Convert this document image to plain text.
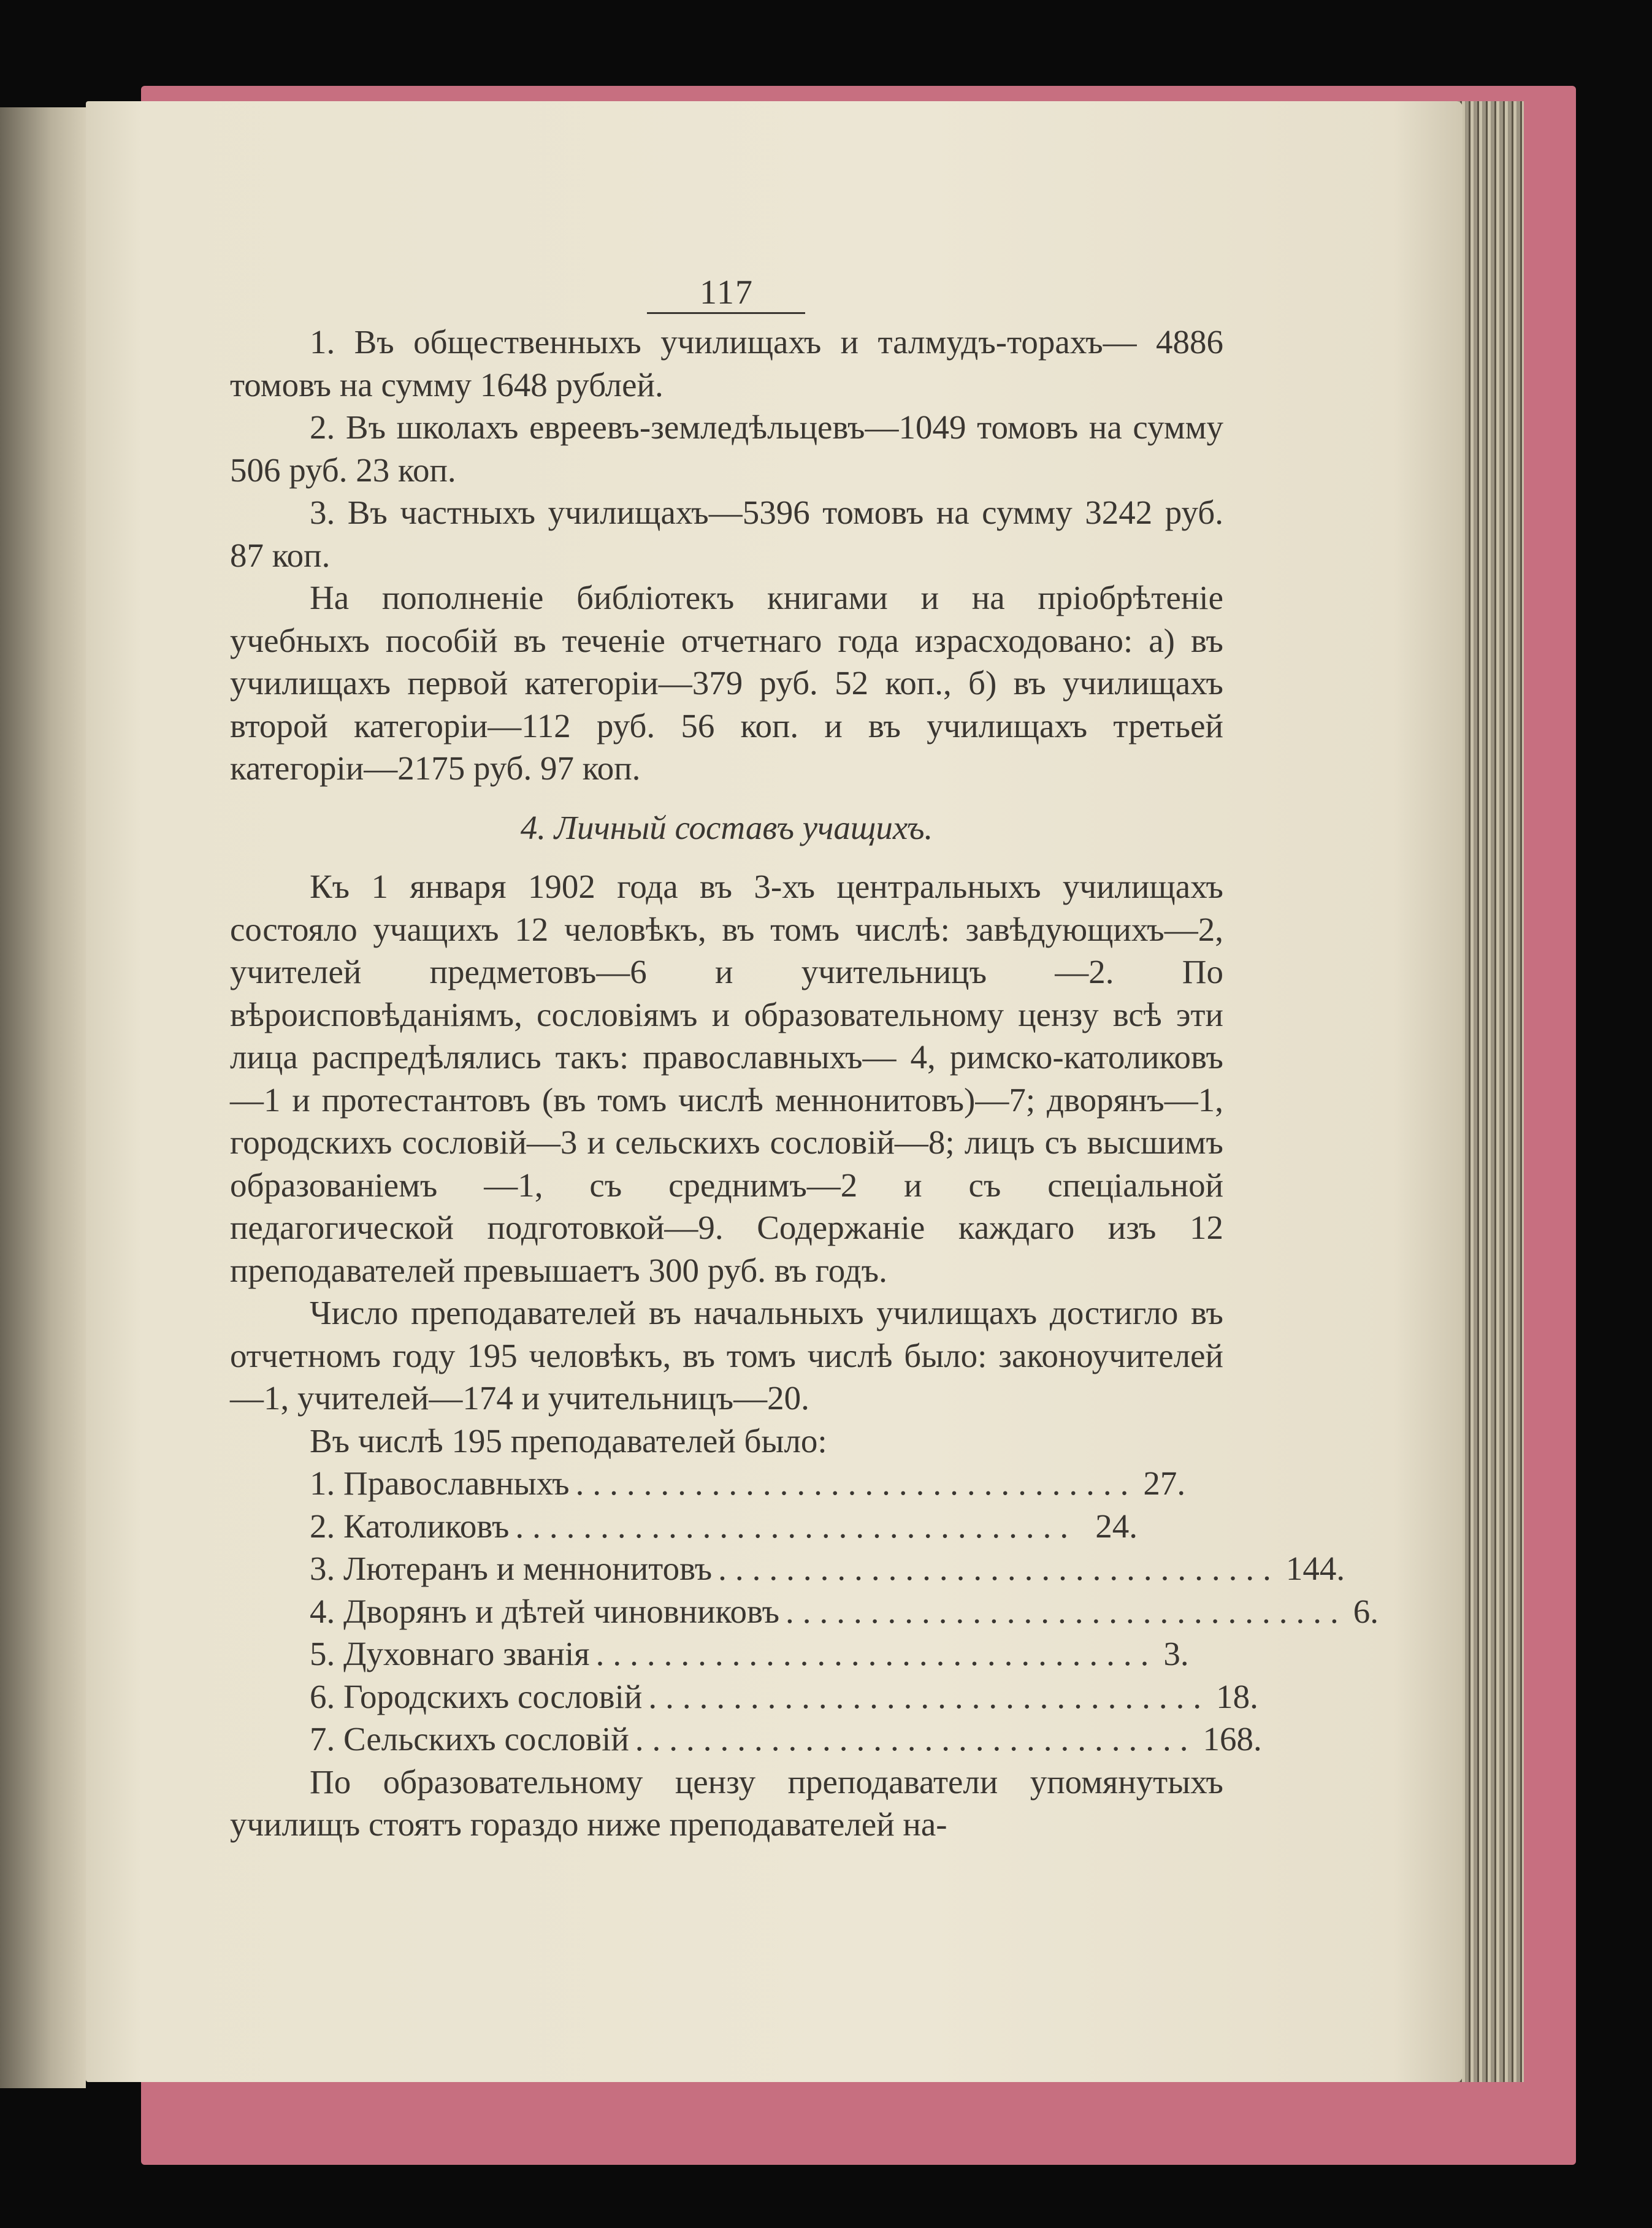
117

1. Въ общественныхъ училищахъ и талмудъ-торахъ— 4886 томовъ на сумму 1648 рублей.

2. Въ школахъ евреевъ-земледѣльцевъ—1049 томовъ на сумму 506 руб. 23 коп.

3. Въ частныхъ училищахъ—5396 томовъ на сумму 3242 руб. 87 коп.

На пополненіе библіотекъ книгами и на пріобрѣтеніе учебныхъ пособій въ теченіе отчетнаго года израсходовано: а) въ училищахъ первой категоріи—379 руб. 52 коп., б) въ училищахъ второй категоріи—112 руб. 56 коп. и въ училищахъ третьей категоріи—2175 руб. 97 коп.

4. Личный составъ учащихъ.

Къ 1 января 1902 года въ 3-хъ центральныхъ училищахъ состояло учащихъ 12 человѣкъ, въ томъ числѣ: завѣдующихъ—2, учителей предметовъ—6 и учительницъ —2. По вѣроисповѣданіямъ, сословіямъ и образовательному цензу всѣ эти лица распредѣлялись такъ: православныхъ— 4, римско-католиковъ—1 и протестантовъ (въ томъ числѣ меннонитовъ)—7; дворянъ—1, городскихъ сословій—3 и сельскихъ сословій—8; лицъ съ высшимъ образованіемъ —1, съ среднимъ—2 и съ спеціальной педагогической подготовкой—9. Содержаніе каждаго изъ 12 преподавателей превышаетъ 300 руб. въ годъ.

Число преподавателей въ начальныхъ училищахъ достигло въ отчетномъ году 195 человѣкъ, въ томъ числѣ было: законоучителей—1, учителей—174 и учительницъ—20.

Въ числѣ 195 преподавателей было:

1. Православныхъ ................................. 27.
2. Католиковъ ................................. 24.
3. Лютеранъ и меннонитовъ ................................. 144.
4. Дворянъ и дѣтей чиновниковъ ................................. 6.
5. Духовнаго званія ................................. 3.
6. Городскихъ сословій ................................. 18.
7. Сельскихъ сословій ................................. 168.

По образовательному цензу преподаватели упомянутыхъ училищъ стоятъ гораздо ниже преподавателей на-
